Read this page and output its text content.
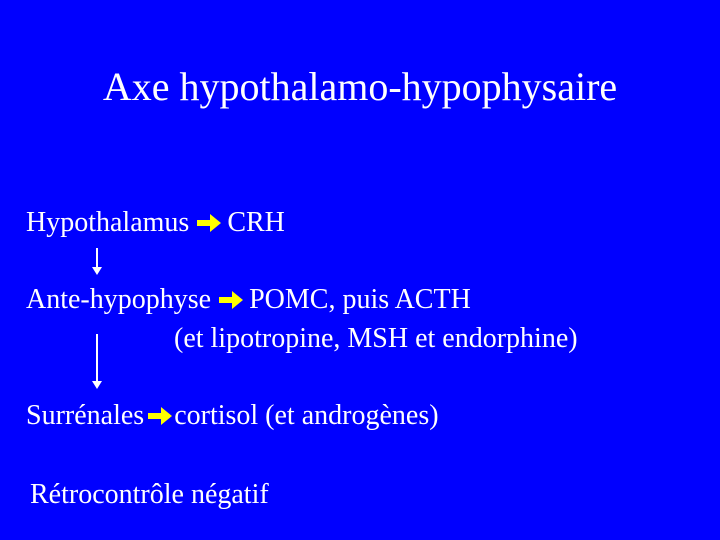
Axe hypothalamo-hypophysaire
Hypothalamus CRH
Ante-hypophyse POMC, puis ACTH
(et lipotropine, MSH et endorphine)
Surrénales cortisol (et androgènes)
Rétrocontrôle négatif
